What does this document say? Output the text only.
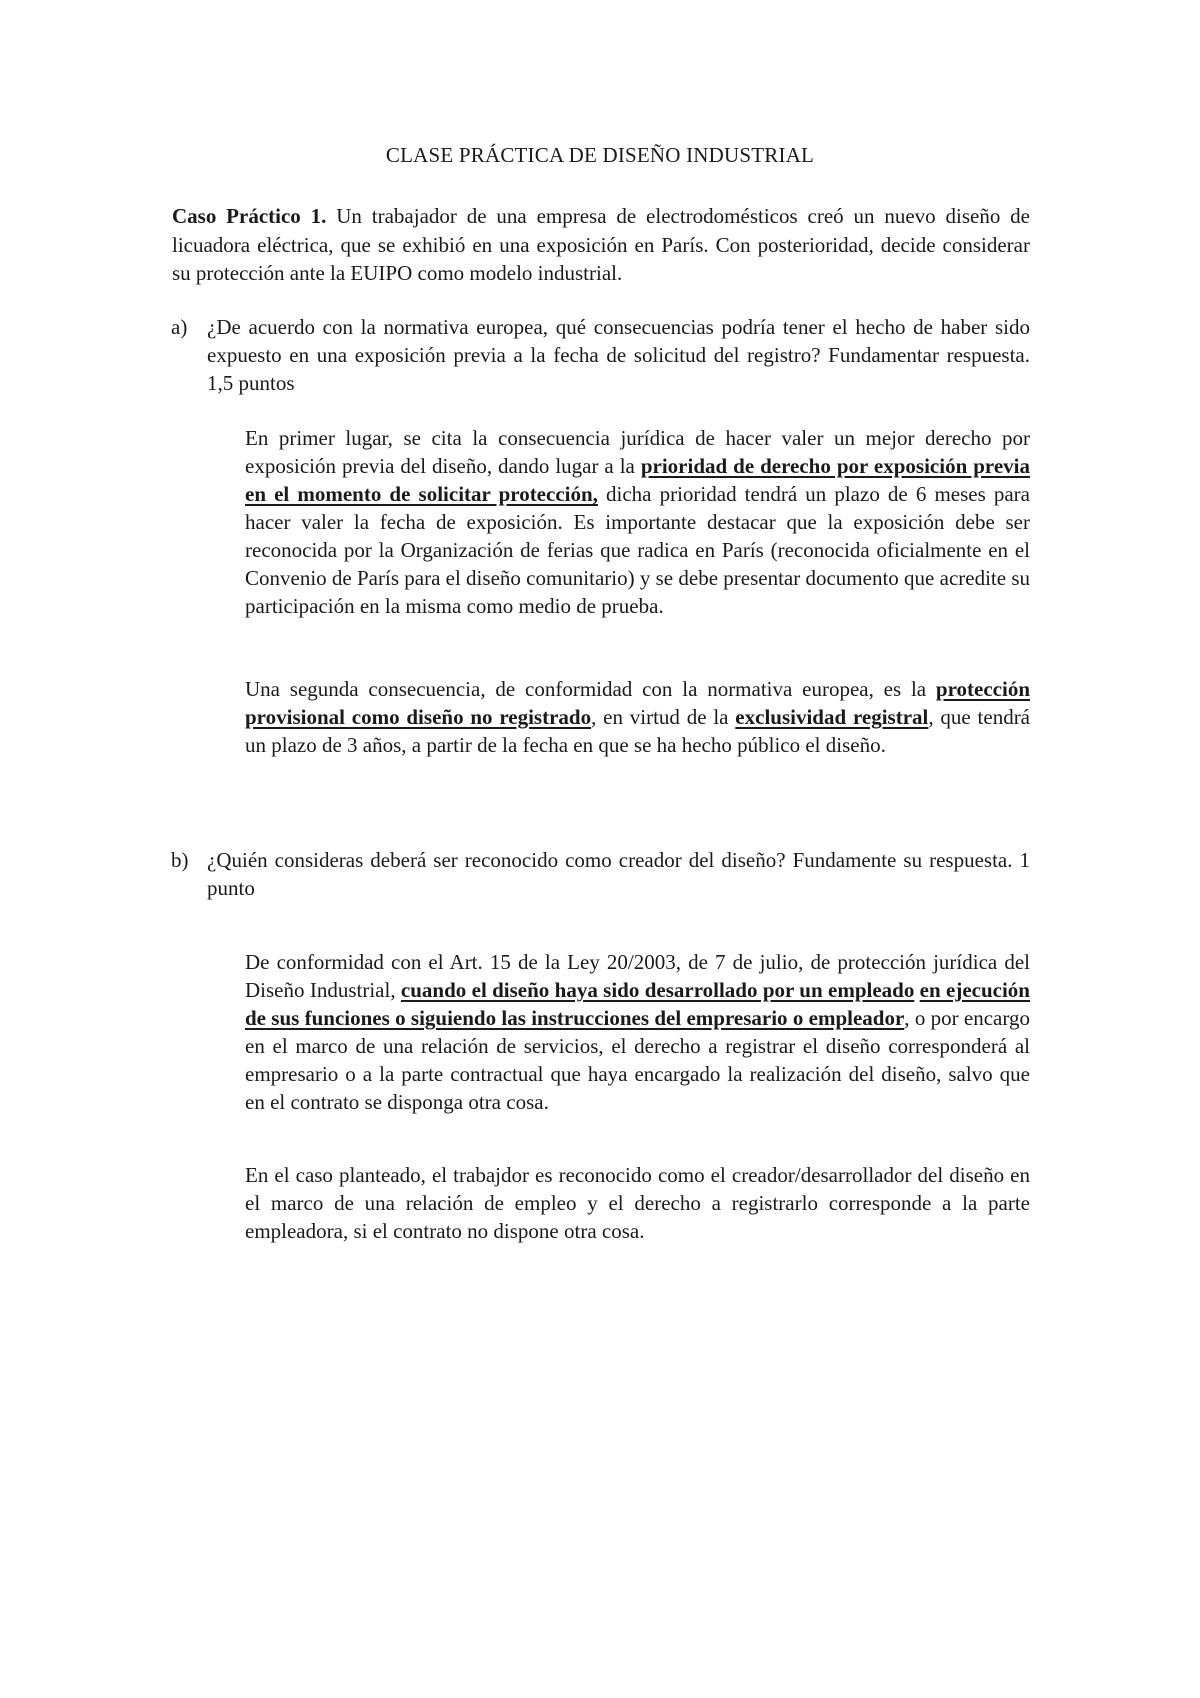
CLASE PRÁCTICA DE DISEÑO INDUSTRIAL
Caso Práctico 1. Un trabajador de una empresa de electrodomésticos creó un nuevo diseño de licuadora eléctrica, que se exhibió en una exposición en París. Con posterioridad, decide considerar su protección ante la EUIPO como modelo industrial.
a) ¿De acuerdo con la normativa europea, qué consecuencias podría tener el hecho de haber sido expuesto en una exposición previa a la fecha de solicitud del registro? Fundamentar respuesta. 1,5 puntos
En primer lugar, se cita la consecuencia jurídica de hacer valer un mejor derecho por exposición previa del diseño, dando lugar a la prioridad de derecho por exposición previa en el momento de solicitar protección, dicha prioridad tendrá un plazo de 6 meses para hacer valer la fecha de exposición. Es importante destacar que la exposición debe ser reconocida por la Organización de ferias que radica en París (reconocida oficialmente en el Convenio de París para el diseño comunitario) y se debe presentar documento que acredite su participación en la misma como medio de prueba.
Una segunda consecuencia, de conformidad con la normativa europea, es la protección provisional como diseño no registrado, en virtud de la exclusividad registral, que tendrá un plazo de 3 años, a partir de la fecha en que se ha hecho público el diseño.
b) ¿Quién consideras deberá ser reconocido como creador del diseño? Fundamente su respuesta. 1 punto
De conformidad con el Art. 15 de la Ley 20/2003, de 7 de julio, de protección jurídica del Diseño Industrial, cuando el diseño haya sido desarrollado por un empleado en ejecución de sus funciones o siguiendo las instrucciones del empresario o empleador, o por encargo en el marco de una relación de servicios, el derecho a registrar el diseño corresponderá al empresario o a la parte contractual que haya encargado la realización del diseño, salvo que en el contrato se disponga otra cosa.
En el caso planteado, el trabajdor es reconocido como el creador/desarrollador del diseño en el marco de una relación de empleo y el derecho a registrarlo corresponde a la parte empleadora, si el contrato no dispone otra cosa.
